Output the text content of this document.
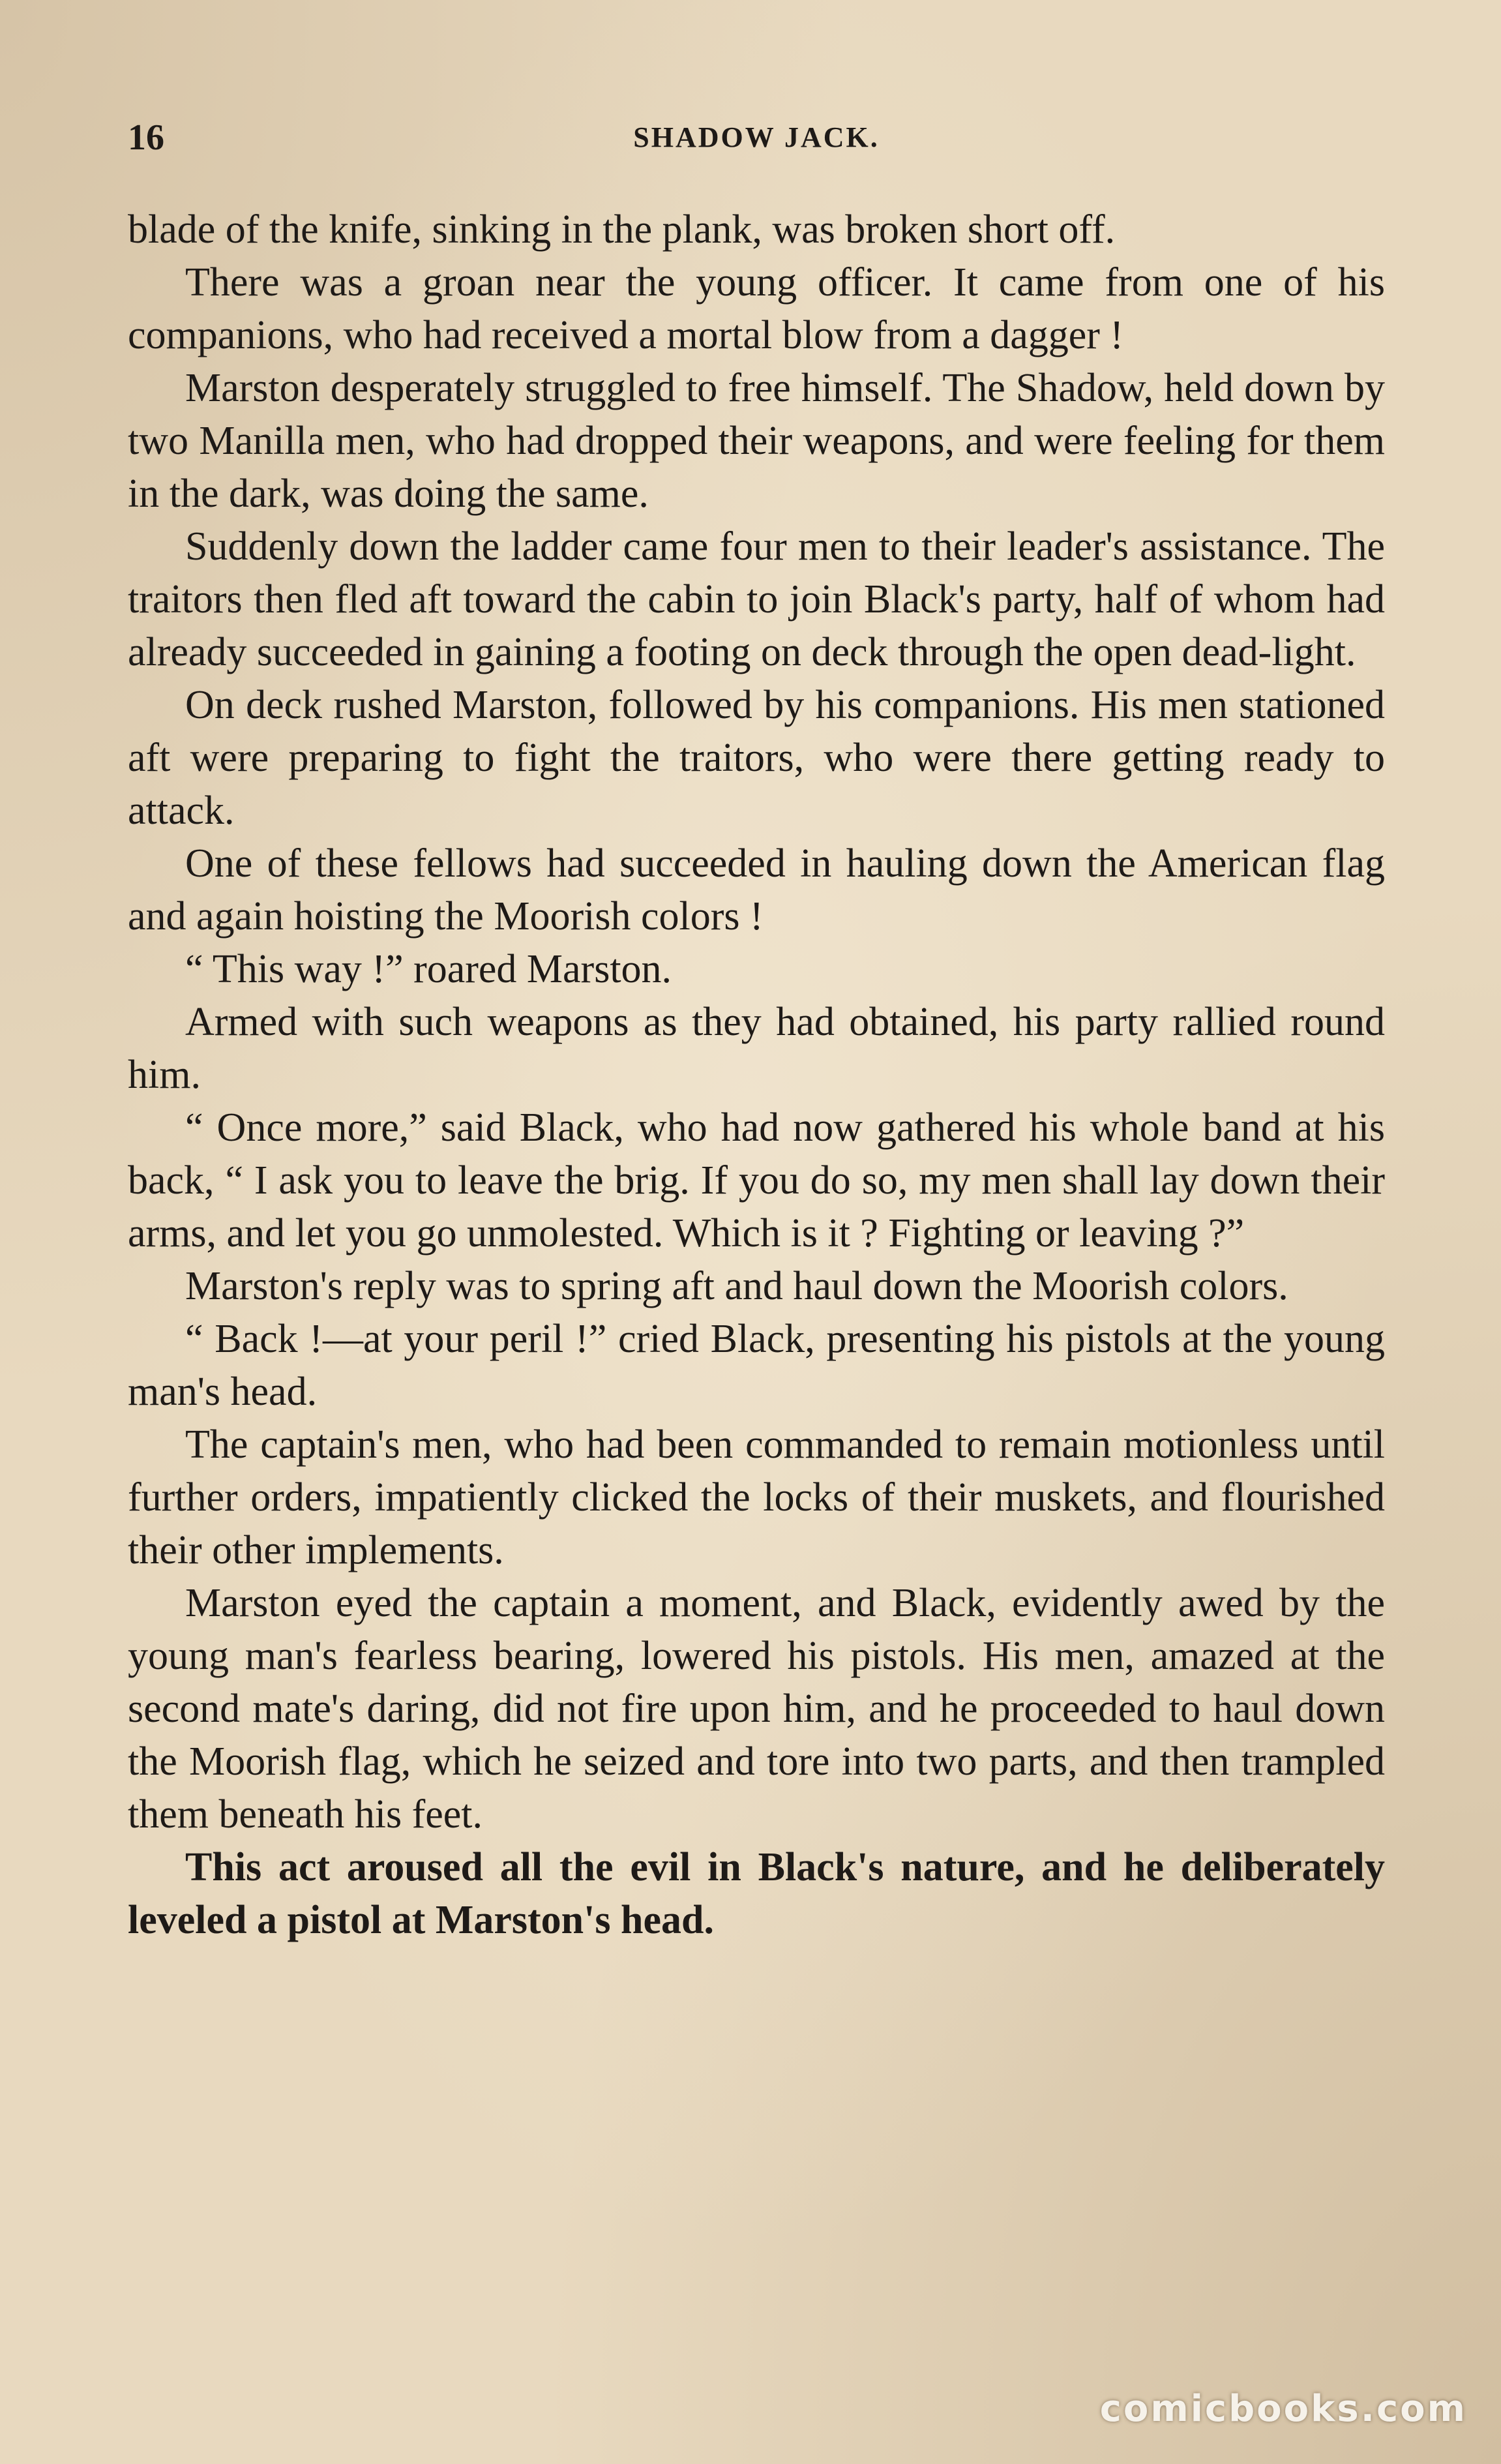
16	SHADOW JACK.

blade of the knife, sinking in the plank, was broken short off.

There was a groan near the young officer. It came from one of his companions, who had received a mortal blow from a dagger !

Marston desperately struggled to free himself. The Shadow, held down by two Manilla men, who had dropped their weapons, and were feeling for them in the dark, was doing the same.

Suddenly down the ladder came four men to their leader's assistance. The traitors then fled aft toward the cabin to join Black's party, half of whom had already succeeded in gaining a footing on deck through the open dead-light.

On deck rushed Marston, followed by his companions. His men stationed aft were preparing to fight the traitors, who were there getting ready to attack.

One of these fellows had succeeded in hauling down the American flag and again hoisting the Moorish colors !

“ This way !” roared Marston.

Armed with such weapons as they had obtained, his party rallied round him.

“ Once more,” said Black, who had now gathered his whole band at his back, “ I ask you to leave the brig. If you do so, my men shall lay down their arms, and let you go unmolested. Which is it ? Fighting or leaving ?”

Marston's reply was to spring aft and haul down the Moorish colors.

“ Back !—at your peril !” cried Black, presenting his pistols at the young man's head.

The captain's men, who had been commanded to remain motionless until further orders, impatiently clicked the locks of their muskets, and flourished their other implements.

Marston eyed the captain a moment, and Black, evidently awed by the young man's fearless bearing, lowered his pistols. His men, amazed at the second mate's daring, did not fire upon him, and he proceeded to haul down the Moorish flag, which he seized and tore into two parts, and then trampled them beneath his feet.

This act aroused all the evil in Black's nature, and he deliberately leveled a pistol at Marston's head.

comicbooks.com
